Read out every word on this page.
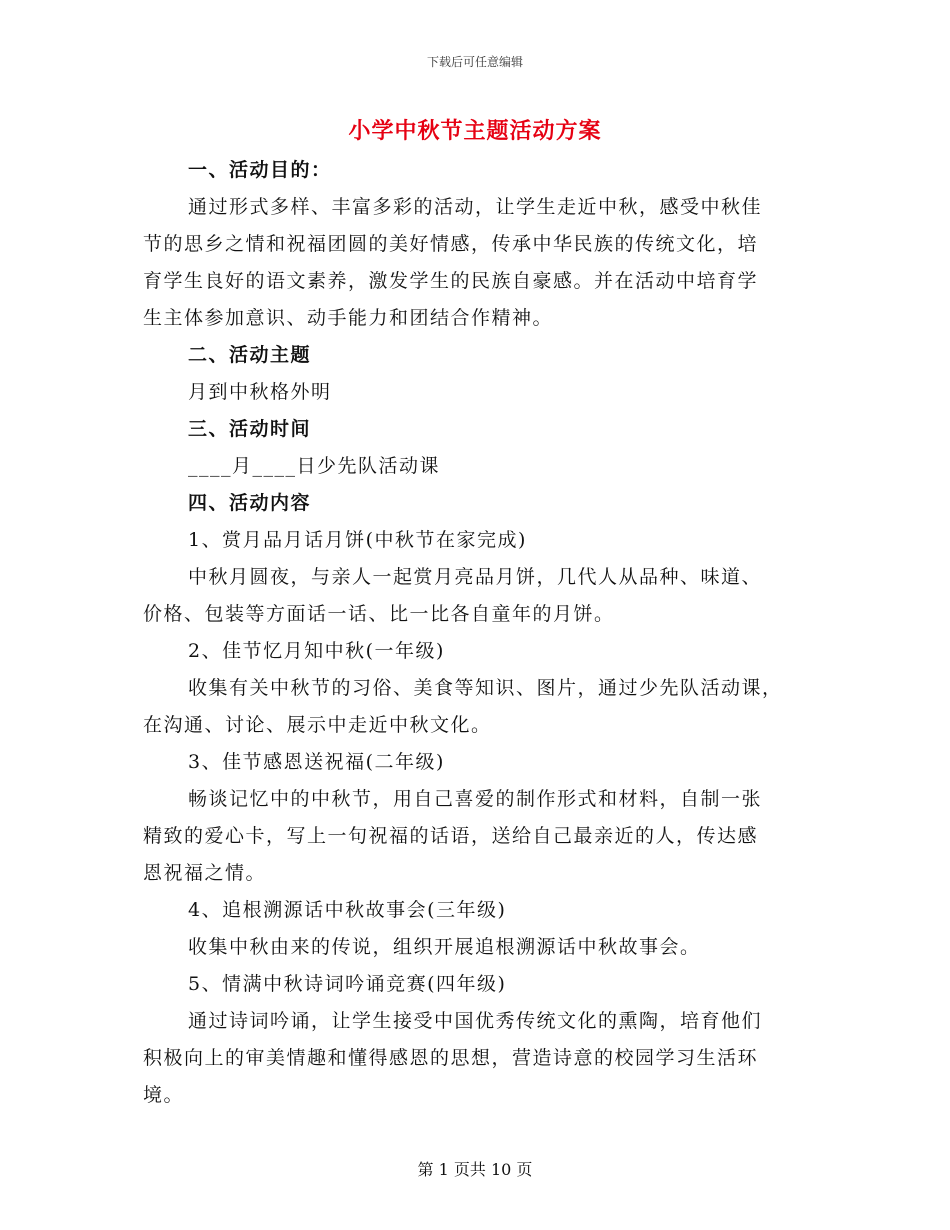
下载后可任意编辑
小学中秋节主题活动方案
一、活动目的：
通过形式多样、丰富多彩的活动，让学生走近中秋，感受中秋佳
节的思乡之情和祝福团圆的美好情感，传承中华民族的传统文化，培
育学生良好的语文素养，激发学生的民族自豪感。并在活动中培育学
生主体参加意识、动手能力和团结合作精神。
二、活动主题
月到中秋格外明
三、活动时间
____月____日少先队活动课
四、活动内容
1、赏月品月话月饼(中秋节在家完成)
中秋月圆夜，与亲人一起赏月亮品月饼，几代人从品种、味道、
价格、包装等方面话一话、比一比各自童年的月饼。
2、佳节忆月知中秋(一年级)
收集有关中秋节的习俗、美食等知识、图片，通过少先队活动课，
在沟通、讨论、展示中走近中秋文化。
3、佳节感恩送祝福(二年级)
畅谈记忆中的中秋节，用自己喜爱的制作形式和材料，自制一张
精致的爱心卡，写上一句祝福的话语，送给自己最亲近的人，传达感
恩祝福之情。
4、追根溯源话中秋故事会(三年级)
收集中秋由来的传说，组织开展追根溯源话中秋故事会。
5、情满中秋诗词吟诵竞赛(四年级)
通过诗词吟诵，让学生接受中国优秀传统文化的熏陶，培育他们
积极向上的审美情趣和懂得感恩的思想，营造诗意的校园学习生活环
境。
第 1 页共 10 页
